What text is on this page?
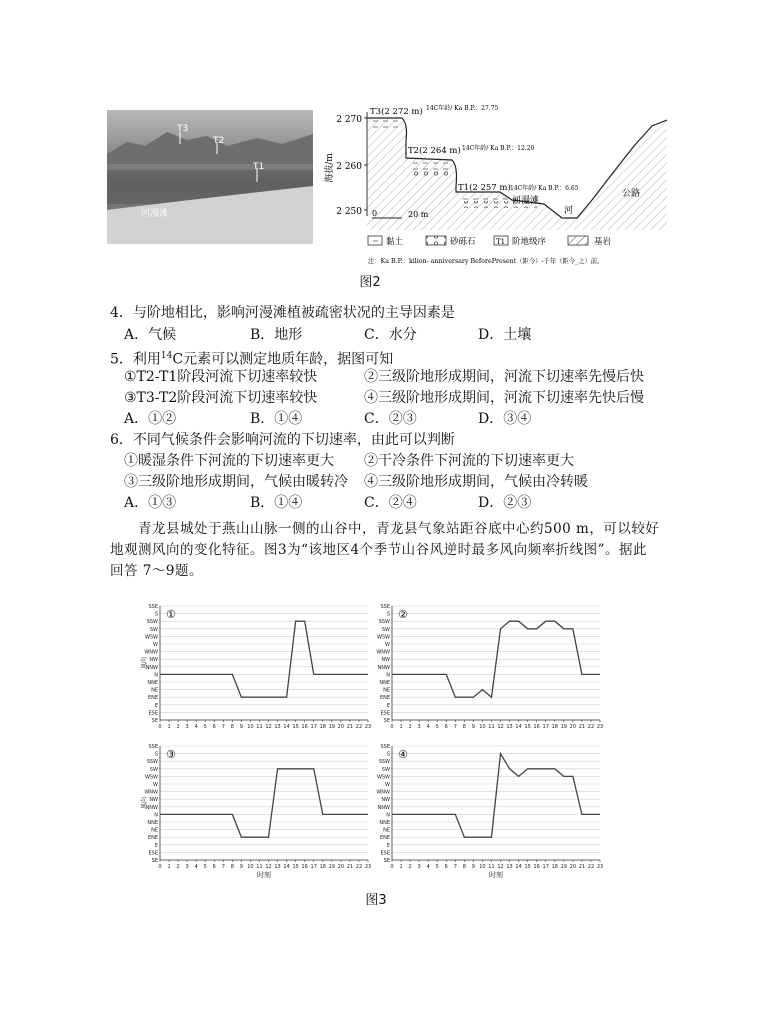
T3
T2
T1
河漫滩
2 270
2 260
2 250
海拔/m
T3(2 272 m) 14C年龄/ Ka B.P.：27.75
T2(2 264 m) 14C年龄/ Ka B.P.：12.20
T1(2 257 m) 14C年龄/ Ka B.P.：6.65
河漫滩
河
公路
0	20 m
黏土	砂砾石	T1 阶地级序	基岩
注：Ka B.P.：kilion- anniversary BeforePresent（距今）-千年（距今_之）前。
图2
4．与阶地相比，影响河漫滩植被疏密状况的主导因素是
A．气候	B．地形	C．水分	D．土壤
5．利用$^{14}$C元素可以测定地质年龄，据图可知
①T2-T1阶段河流下切速率较快	②三级阶地形成期间，河流下切速率先慢后快
③T3-T2阶段河流下切速率较快	④三级阶地形成期间，河流下切速率先快后慢
A．①②	B．①④	C．②③	D．③④
6．不同气候条件会影响河流的下切速率，由此可以判断
①暖湿条件下河流的下切速率更大 ②干冷条件下河流的下切速率更大
③三级阶地形成期间，气候由暖转冷 ④三级阶地形成期间，气候由冷转暖
A．①③	B．①④	C．②④	D．②③
青龙县城处于燕山山脉一侧的山谷中，青龙县气象站距谷底中心约500 m，可以较好
地观测风向的变化特征。图3为“该地区4个季节山谷风逆时最多风向频率折线图”。据此
回答 7～9题。
SSE
S
SSW
SW
WSW
W
WNW
NW
NNW
N
NNE
NE
ENE
E
ESE
SE
0 1 2 3 4 5 6 7 8 9 10 11 12 13 14 15 16 17 18 19 20 21 22 23
①
风向
SSE
S
SSW
SW
WSW
W
WNW
NW
NNW
N
NNE
NE
ENE
E
ESE
SE
0 1 2 3 4 5 6 7 8 9 10 11 12 13 14 15 16 17 18 19 20 21 22 23
②
SSE
S
SSW
SW
WSW
W
WNW
NW
NNW
N
NNE
NE
ENE
E
ESE
SE
0 1 2 3 4 5 6 7 8 9 10 11 12 13 14 15 16 17 18 19 20 21 22 23
③
风向
时刻
SSE
S
SSW
SW
WSW
W
WNW
NW
NNW
N
NNE
NE
ENE
E
ESE
SE
0 1 2 3 4 5 6 7 8 9 10 11 12 13 14 15 16 17 18 19 20 21 22 23
④
时刻
图3
